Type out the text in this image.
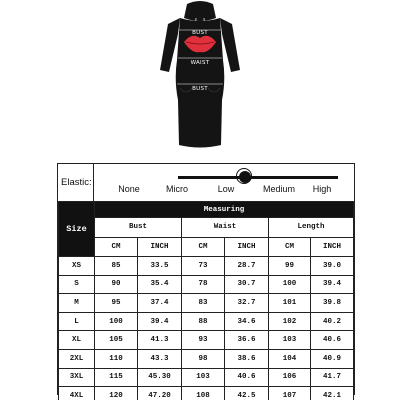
BUST
WAIST
BUST
Elastic:
None	Micro	Low	Medium	High
Size	Measuring					
	Bust		Waist		Length	
	CM	INCH	CM	INCH	CM	INCH
XS	85	33.5	73	28.7	99	39.0
S	90	35.4	78	30.7	100	39.4
M	95	37.4	83	32.7	101	39.8
L	100	39.4	88	34.6	102	40.2
XL	105	41.3	93	36.6	103	40.6
2XL	110	43.3	98	38.6	104	40.9
3XL	115	45.30	103	40.6	106	41.7
4XL	120	47.20	108	42.5	107	42.1
